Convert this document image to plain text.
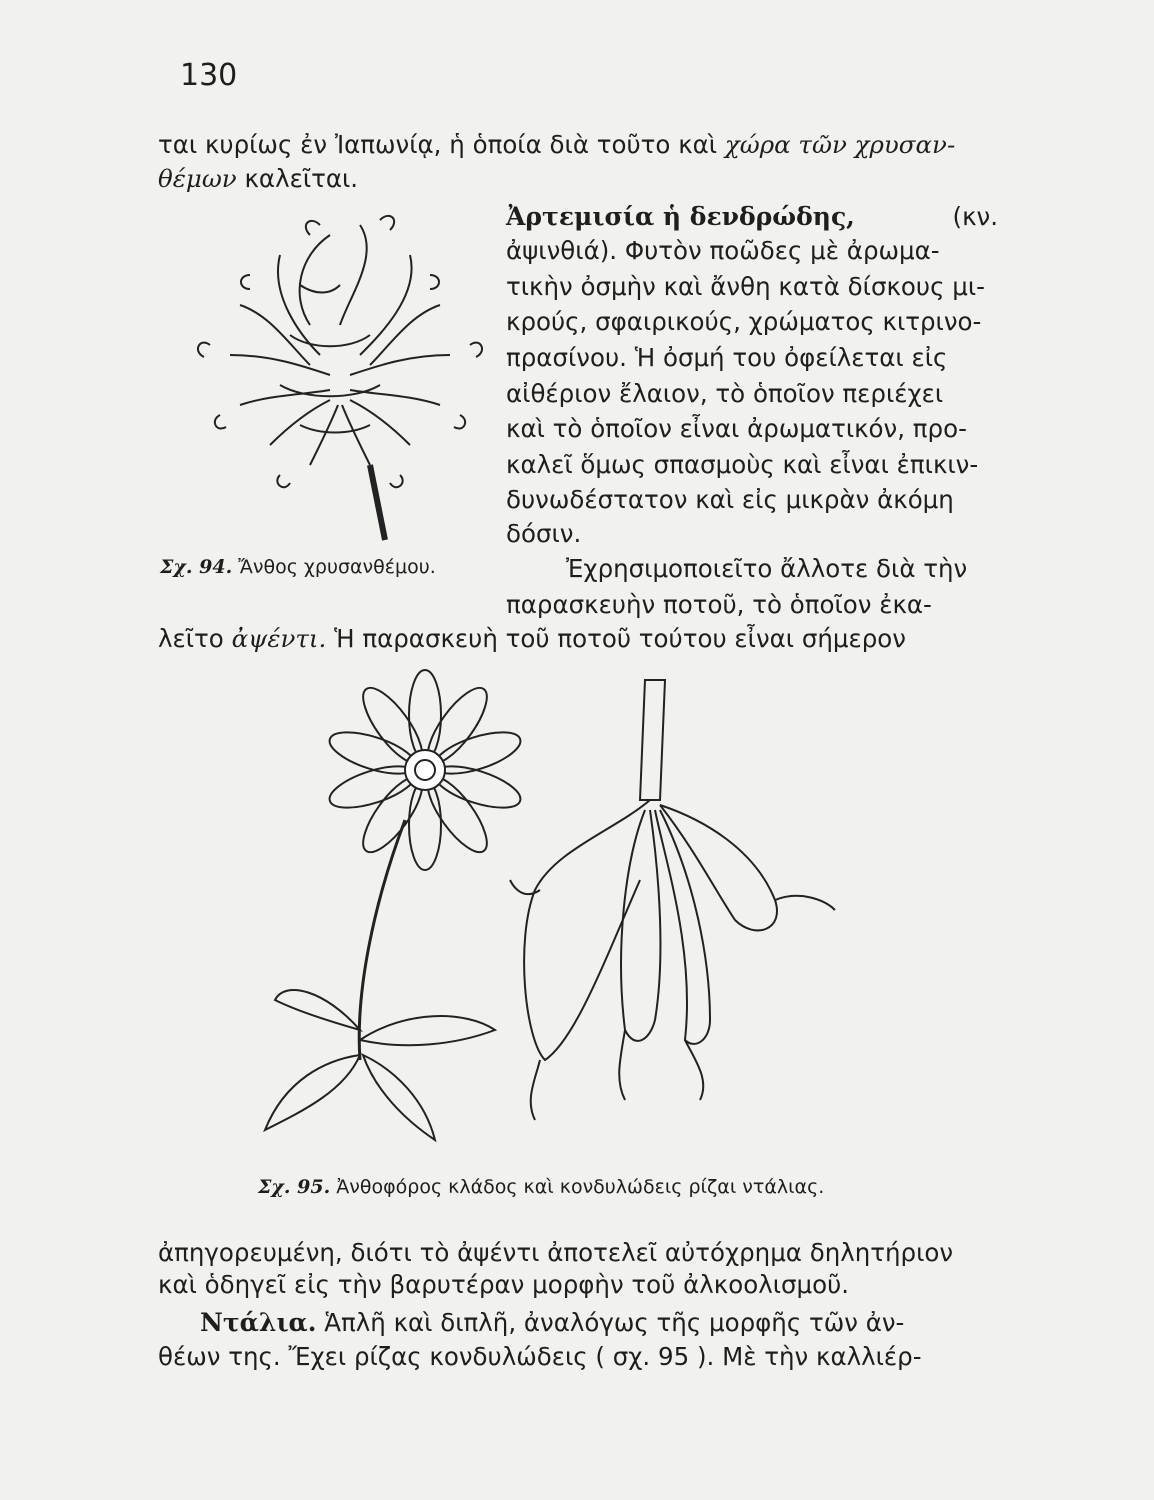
130
ται κυρίως ἐν Ἰαπωνίᾳ, ἡ ὁποία διὰ τοῦτο καὶ χώρα τῶν χρυσαν-
θέμων καλεῖται.
Ἀρτεμισία ἡ δενδρώδης,	(κν.
ἀψινθιά). Φυτὸν ποῶδες μὲ ἀρωμα-
τικὴν ὀσμὴν καὶ ἄνθη κατὰ δίσκους μι-
κρούς, σφαιρικούς, χρώματος κιτρινο-
πρασίνου. Ἡ ὀσμή του ὀφείλεται εἰς
αἰθέριον ἔλαιον, τὸ ὁποῖον περιέχει
καὶ τὸ ὁποῖον εἶναι ἀρωματικόν, προ-
καλεῖ ὅμως σπασμοὺς καὶ εἶναι ἐπικιν-
δυνωδέστατον καὶ εἰς μικρὰν ἀκόμη
δόσιν.
Σχ. 94. Ἄνθος χρυσανθέμου.	Ἐχρησιμοποιεῖτο ἄλλοτε διὰ τὴν
παρασκευὴν ποτοῦ, τὸ ὁποῖον ἐκα-
λεῖτο ἀψέντι. Ἡ παρασκευὴ τοῦ ποτοῦ τούτου εἶναι σήμερον
Σχ. 95. Ἀνθοφόρος κλάδος καὶ κονδυλώδεις ρίζαι ντάλιας.
ἀπηγορευμένη, διότι τὸ ἀψέντι ἀποτελεῖ αὐτόχρημα δηλητήριον
καὶ ὁδηγεῖ εἰς τὴν βαρυτέραν μορφὴν τοῦ ἀλκοολισμοῦ.
Ντάλια. Ἁπλῆ καὶ διπλῆ, ἀναλόγως τῆς μορφῆς τῶν ἀν-
θέων της. Ἔχει ρίζας κονδυλώδεις ( σχ. 95 ). Μὲ τὴν καλλιέρ-
